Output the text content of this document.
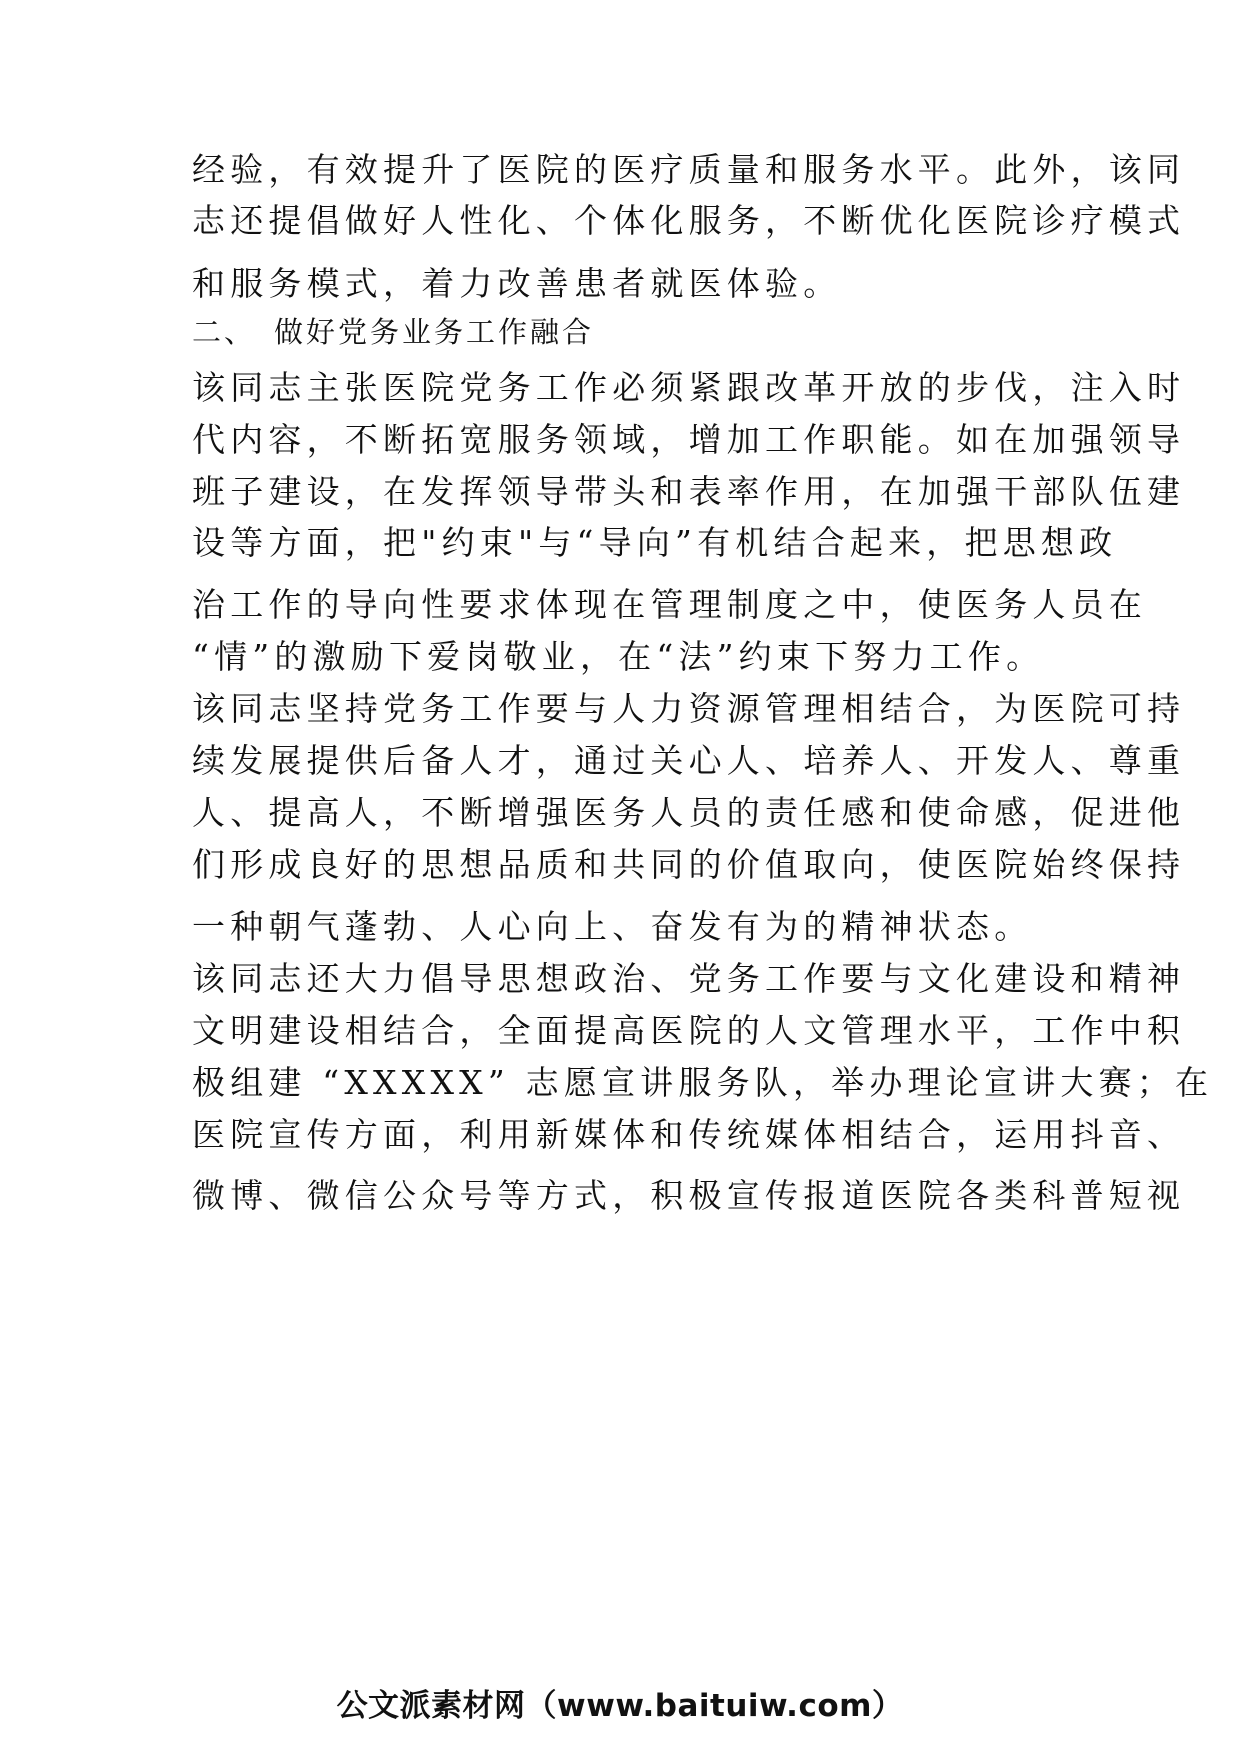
经验，有效提升了医院的医疗质量和服务水平。此外，该同
志还提倡做好人性化、个体化服务，不断优化医院诊疗模式
和服务模式，着力改善患者就医体验。
二、 做好党务业务工作融合
该同志主张医院党务工作必须紧跟改革开放的步伐，注入时
代内容，不断拓宽服务领域，增加工作职能。如在加强领导
班子建设，在发挥领导带头和表率作用，在加强干部队伍建
设等方面，把"约束"与“导向”有机结合起来，把思想政
治工作的导向性要求体现在管理制度之中，使医务人员在
“情”的激励下爱岗敬业，在“法”约束下努力工作。
该同志坚持党务工作要与人力资源管理相结合，为医院可持
续发展提供后备人才，通过关心人、培养人、开发人、尊重
人、提高人，不断增强医务人员的责任感和使命感，促进他
们形成良好的思想品质和共同的价值取向，使医院始终保持
一种朝气蓬勃、人心向上、奋发有为的精神状态。
该同志还大力倡导思想政治、党务工作要与文化建设和精神
文明建设相结合，全面提高医院的人文管理水平，工作中积
极组建 “XXXXX” 志愿宣讲服务队，举办理论宣讲大赛；在
医院宣传方面，利用新媒体和传统媒体相结合，运用抖音、
微博、微信公众号等方式，积极宣传报道医院各类科普短视
公文派素材网（www.baituiw.com）
